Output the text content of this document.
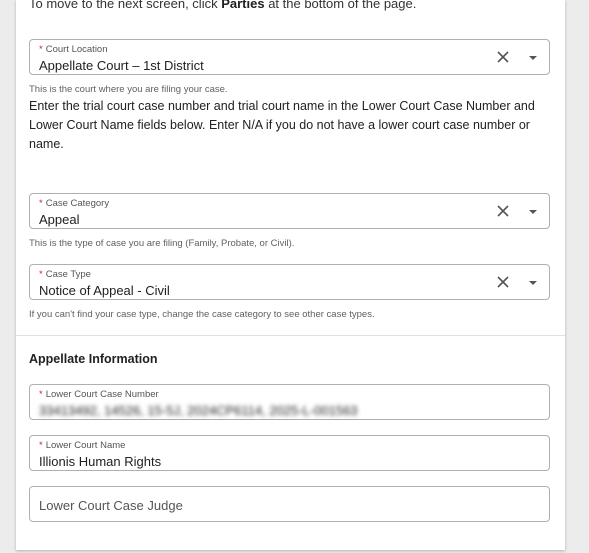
To move to the next screen, click Parties at the bottom of the page.
* Court Location
Appellate Court – 1st District
This is the court where you are filing your case.
Enter the trial court case number and trial court name in the Lower Court Case Number and Lower Court Name fields below. Enter N/A if you do not have a lower court case number or name.
* Case Category
Appeal
This is the type of case you are filing (Family, Probate, or Civil).
* Case Type
Notice of Appeal - Civil
If you can't find your case type, change the case category to see other case types.
Appellate Information
* Lower Court Case Number
33413492, 14526, 15-5J, 2024CP6114, 2025-L-001563
* Lower Court Name
Illionis Human Rights
Lower Court Case Judge
